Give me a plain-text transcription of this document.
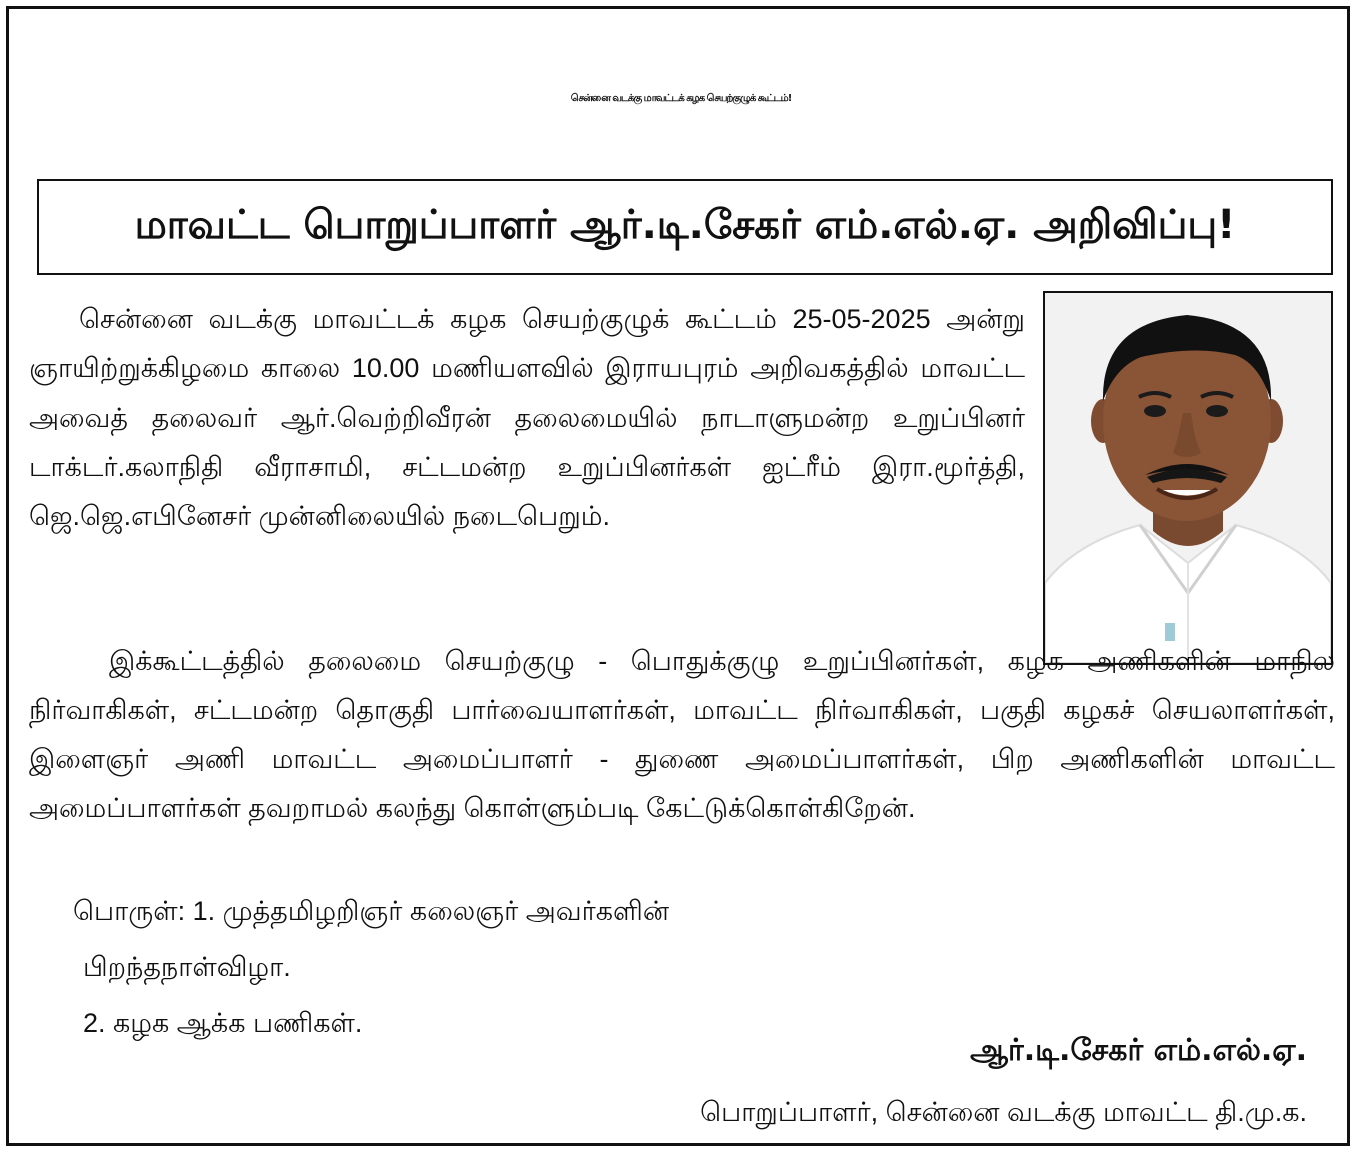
சென்னை வடக்கு மாவட்டக் கழக செயற்குழுக் கூட்டம்!
மாவட்ட பொறுப்பாளர் ஆர்.டி.சேகர் எம்.எல்.ஏ. அறிவிப்பு!
சென்னை வடக்கு மாவட்டக் கழக செயற்குழுக் கூட்டம் 25-05-2025 அன்று ஞாயிற்றுக்கிழமை காலை 10.00 மணியளவில் இராயபுரம் அறிவகத்தில் மாவட்ட அவைத் தலைவர் ஆர்.வெற்றிவீரன் தலைமையில் நாடாளுமன்ற உறுப்பினர் டாக்டர்.கலாநிதி வீராசாமி, சட்டமன்ற உறுப்பினர்கள் ஐட்ரீம் இரா.மூர்த்தி, ஜெ.ஜெ.எபினேசர் முன்னிலையில் நடைபெறும்.
இக்கூட்டத்தில் தலைமை செயற்குழு - பொதுக்குழு உறுப்பினர்கள், கழக அணிகளின் மாநில நிர்வாகிகள், சட்டமன்ற தொகுதி பார்வையாளர்கள், மாவட்ட நிர்வாகிகள், பகுதி கழகச் செயலாளர்கள், இளைஞர் அணி மாவட்ட அமைப்பாளர் - துணை அமைப்பாளர்கள், பிற அணிகளின் மாவட்ட அமைப்பாளர்கள் தவறாமல் கலந்து கொள்ளும்படி கேட்டுக்கொள்கிறேன்.
பொருள்: 1. முத்தமிழறிஞர் கலைஞர் அவர்களின்
பிறந்தநாள்விழா.
2. கழக ஆக்க பணிகள்.
ஆர்.டி.சேகர் எம்.எல்.ஏ.
பொறுப்பாளர், சென்னை வடக்கு மாவட்ட தி.மு.க.
